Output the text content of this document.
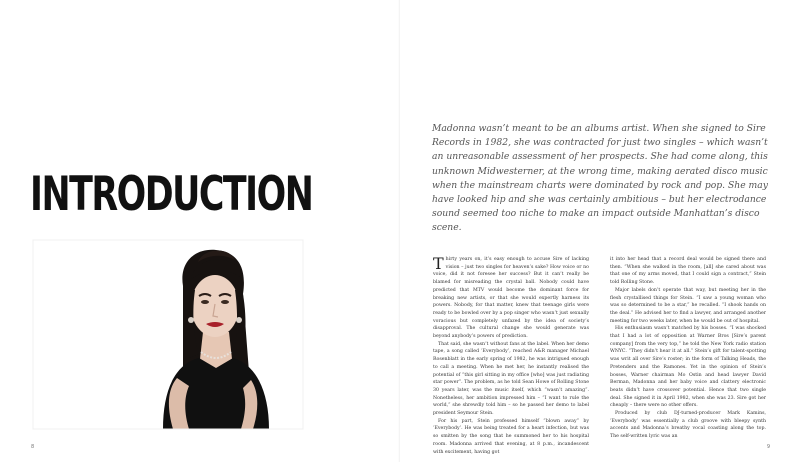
INTRODUCTION
8

Madonna wasn’t meant to be an albums artist. When she signed to Sire Records in 1982, she was contracted for just two singles – which wasn’t an unreasonable assessment of her prospects. She had come along, this unknown Midwesterner, at the wrong time, making aerated disco music when the mainstream charts were dominated by rock and pop. She may have looked hip and she was certainly ambitious – but her electrodance sound seemed too niche to make an impact outside Manhattan’s disco scene.

Thirty years on, it’s easy enough to accuse Sire of lacking vision – just two singles for heaven’s sake? How voice or no voice, did it not foresee her success? But it can’t really be blamed for misreading the crystal ball. Nobody could have predicted that MTV would become the dominant force for breaking new artists, or that she would expertly harness its powers. Nobody, for that matter, knew that teenage girls were ready to be bowled over by a pop singer who wasn’t just sexually voracious but completely unfazed by the idea of society’s disapproval. The cultural change she would generate was beyond anybody’s powers of prediction.

That said, she wasn’t without fans at the label. When her demo tape, a song called ‘Everybody’, reached A&R manager Michael Rosenblatt in the early spring of 1982, he was intrigued enough to call a meeting. When he met her, he instantly realised the potential of “this girl sitting in my office [who] was just radiating star power”. The problem, as he told Sean Howe of Rolling Stone 30 years later, was the music itself, which “wasn’t amazing”. Nonetheless, her ambition impressed him – “I want to rule the world,” she shrewdly told him – so he passed her demo to label president Seymour Stein.

For his part, Stein professed himself “blown away” by ‘Everybody’. He was being treated for a heart infection, but was so smitten by the song that he summoned her to his hospital room. Madonna arrived that evening, at 8 p.m., incandescent with excitement, having got

it into her head that a record deal would be signed there and then. “When she walked in the room, [all] she cared about was that one of my arms moved, that I could sign a contract,” Stein told Rolling Stone.

Major labels don’t operate that way, but meeting her in the flesh crystallised things for Stein. “I saw a young woman who was so determined to be a star,” he recalled. “I shook hands on the deal.” He advised her to find a lawyer, and arranged another meeting for two weeks later, when he would be out of hospital.

His enthusiasm wasn’t matched by his bosses. “I was shocked that I had a lot of opposition at Warner Bros [Sire’s parent company] from the very top,” he told the New York radio station WNYC. “They didn’t hear it at all.” Stein’s gift for talent-spotting was writ all over Sire’s roster; in the form of Talking Heads, the Pretenders and the Ramones. Yet in the opinion of Stein’s bosses, Warner chairman Mo Ostin and head lawyer David Berman, Madonna and her baby voice and clattery electronic beats didn’t have crossover potential. Hence that two single deal. She signed it in April 1982, when she was 23. Sire got her cheaply – there were no other offers.

Produced by club DJ-turned-producer Mark Kamins, ‘Everybody’ was essentially a club groove with bleepy synth accents and Madonna’s breathy vocal coasting along the top. The self-written lyric was an

9
